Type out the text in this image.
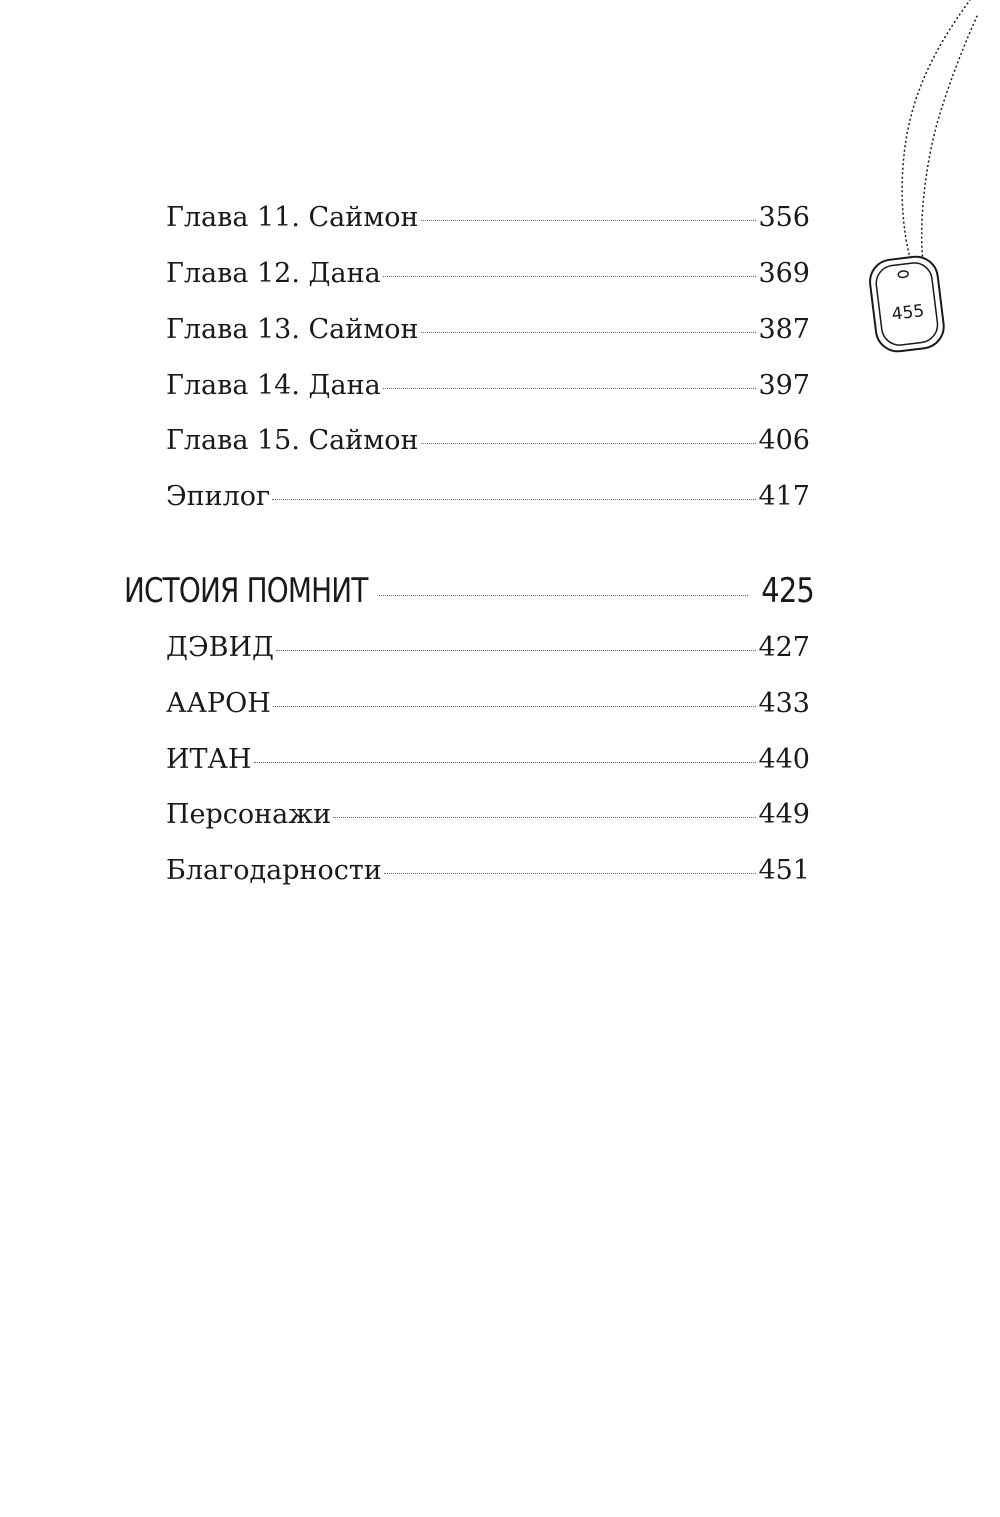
455
Глава 11. Саймон	356
Глава 12. Дана	369
Глава 13. Саймон	387
Глава 14. Дана	397
Глава 15. Саймон	406
Эпилог	417
ИСТОИЯ ПОМНИТ	425
ДЭВИД	427
ААРОН	433
ИТАН	440
Персонажи	449
Благодарности	451
